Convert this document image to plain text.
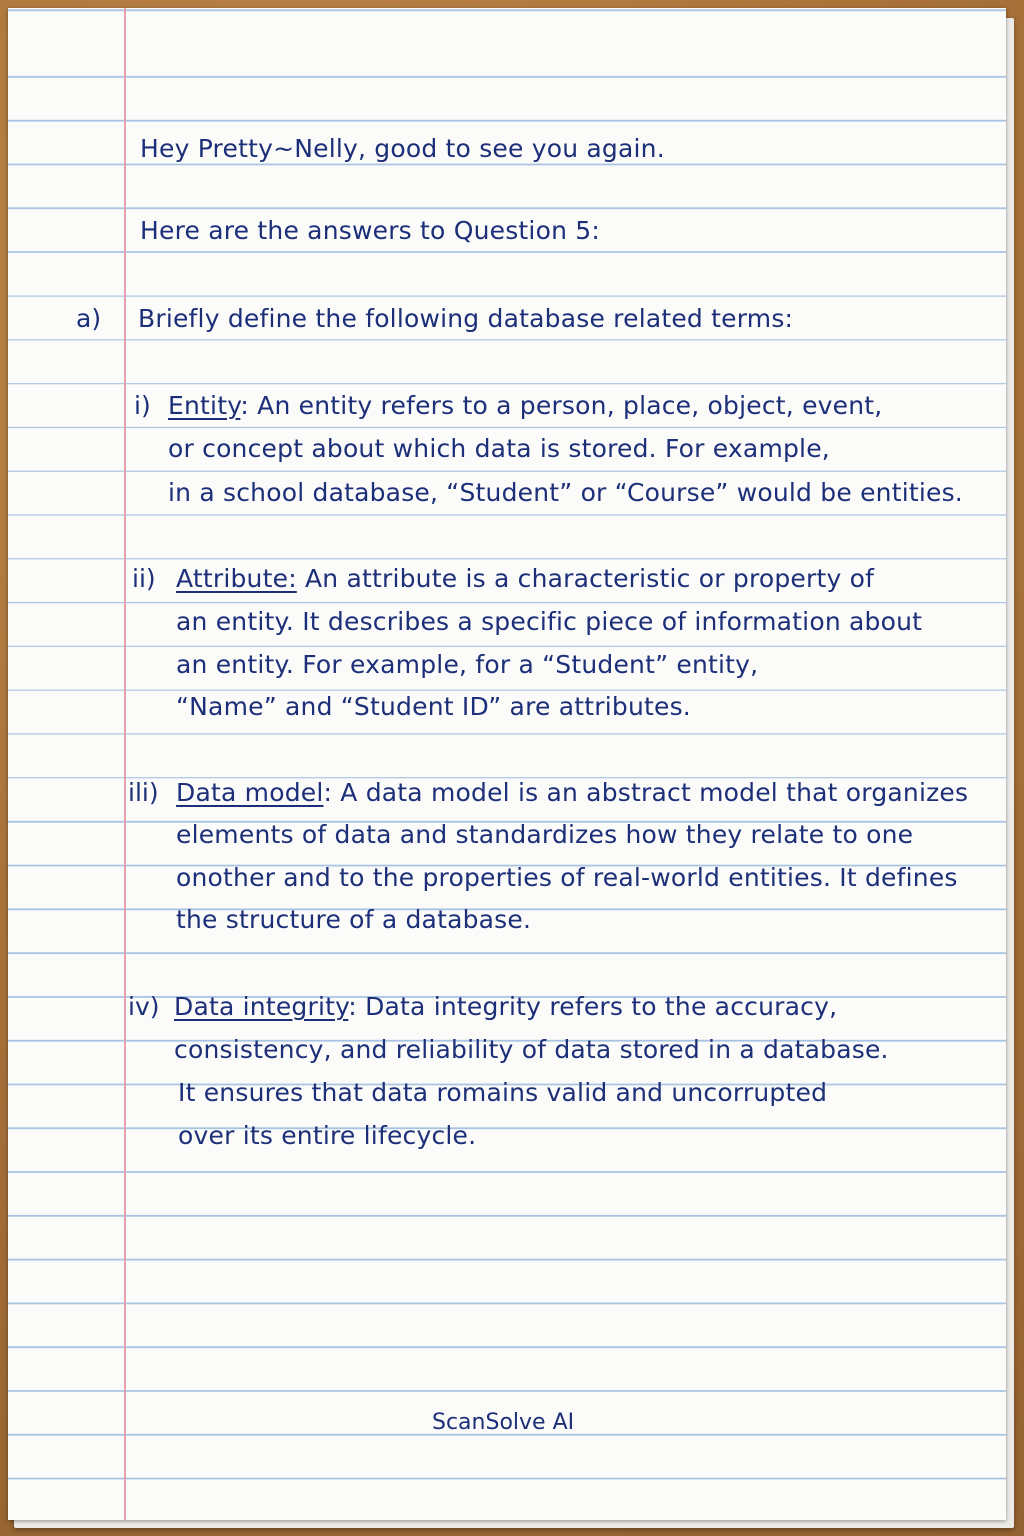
Hey Pretty~Nelly, good to see you again.
Here are the answers to Question 5:
a) Briefly define the following database related terms:
i) Entity: An entity refers to a person, place, object, event,
or concept about which data is stored. For example,
in a school database, “Student” or “Course” would be entities.
ii) Attribute: An attribute is a characteristic or property of
an entity. It describes a specific piece of information about
an entity. For example, for a “Student” entity,
“Name” and “Student ID” are attributes.
ili) Data model: A data model is an abstract model that organizes
elements of data and standardizes how they relate to one
onother and to the properties of real-world entities. It defines
the structure of a database.
iv) Data integrity: Data integrity refers to the accuracy,
consistency, and reliability of data stored in a database.
It ensures that data romains valid and uncorrupted
over its entire lifecycle.
ScanSolve AI
